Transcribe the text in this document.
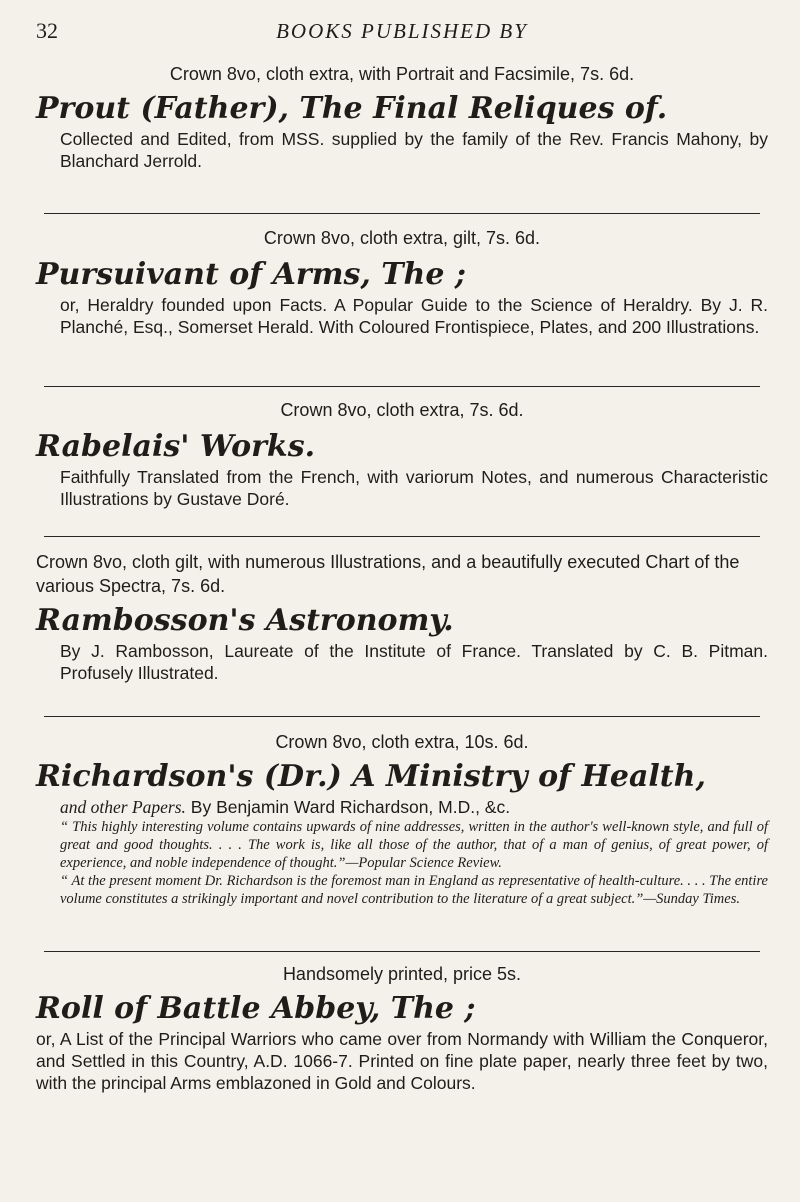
32	BOOKS PUBLISHED BY
Crown 8vo, cloth extra, with Portrait and Facsimile, 7s. 6d.
Prout (Father), The Final Reliques of.

Collected and Edited, from MSS. supplied by the family of the Rev. Francis Mahony, by Blanchard Jerrold.

Crown 8vo, cloth extra, gilt, 7s. 6d.
Pursuivant of Arms, The ;

or, Heraldry founded upon Facts. A Popular Guide to the Science of Heraldry. By J. R. Planché, Esq., Somerset Herald. With Coloured Frontispiece, Plates, and 200 Illustrations.

Crown 8vo, cloth extra, 7s. 6d.
Rabelais' Works.

Faithfully Translated from the French, with variorum Notes, and numerous Characteristic Illustrations by Gustave Doré.

Crown 8vo, cloth gilt, with numerous Illustrations, and a beautifully executed Chart of the various Spectra, 7s. 6d.
Rambosson's Astronomy.

By J. Rambosson, Laureate of the Institute of France. Translated by C. B. Pitman. Profusely Illustrated.

Crown 8vo, cloth extra, 10s. 6d.
Richardson's (Dr.) A Ministry of Health,

and other Papers. By Benjamin Ward Richardson, M.D., &c.

“ This highly interesting volume contains upwards of nine addresses, written in the author's well-known style, and full of great and good thoughts. . . . The work is, like all those of the author, that of a man of genius, of great power, of experience, and noble independence of thought.”—Popular Science Review.

“ At the present moment Dr. Richardson is the foremost man in England as representative of health-culture. . . . The entire volume constitutes a strikingly important and novel contribution to the literature of a great subject.”—Sunday Times.

Handsomely printed, price 5s.
Roll of Battle Abbey, The ;

or, A List of the Principal Warriors who came over from Normandy with William the Conqueror, and Settled in this Country, A.D. 1066-7. Printed on fine plate paper, nearly three feet by two, with the principal Arms emblazoned in Gold and Colours.
